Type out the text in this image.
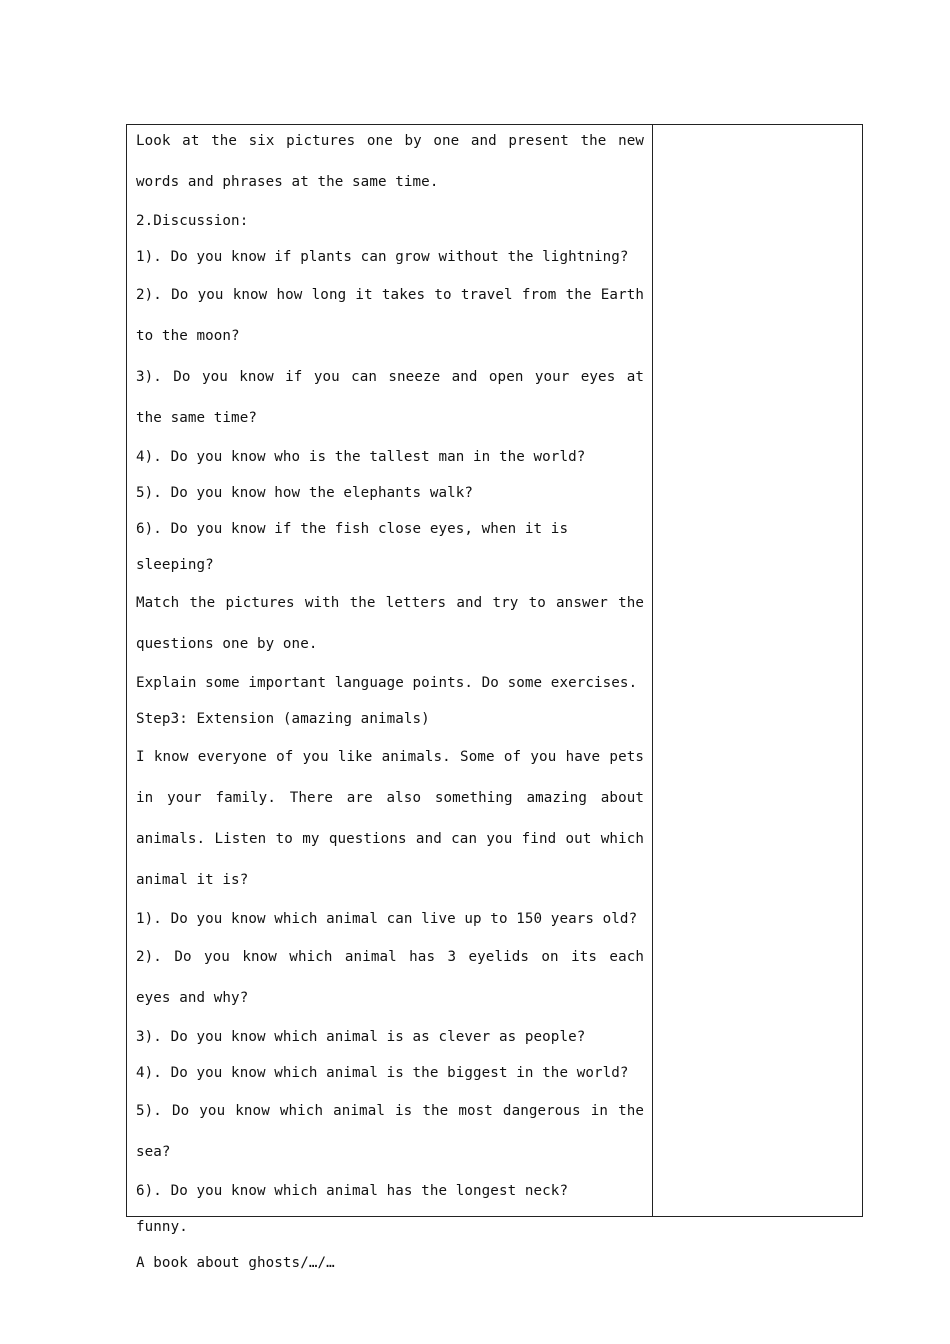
Look at the six pictures one by one and present the new words and phrases at the same time.

2.Discussion:

1). Do you know if plants can grow without the lightning?

2). Do you know how long it takes to travel from the Earth to the moon?

3). Do you know if you can sneeze and open your eyes at the same time?

4). Do you know who is the tallest man in the world?

5). Do you know how the elephants walk?

6). Do you know if the fish close eyes, when it is sleeping?

Match the pictures with the letters and try to answer the questions one by one.

Explain some important language points. Do some exercises.

Step3: Extension (amazing animals)

I know everyone of you like animals. Some of you have pets in your family. There are also something amazing about animals. Listen to my questions and can you find out which animal it is?

1). Do you know which animal can live up to 150 years old?

2). Do you know which animal has 3 eyelids on its each eyes and why?

3). Do you know which animal is as clever as people?

4). Do you know which animal is the biggest in the world?

5). Do you know which animal is the most dangerous in the sea?

6). Do you know which animal has the longest neck?

funny.

A book about ghosts/…/…
